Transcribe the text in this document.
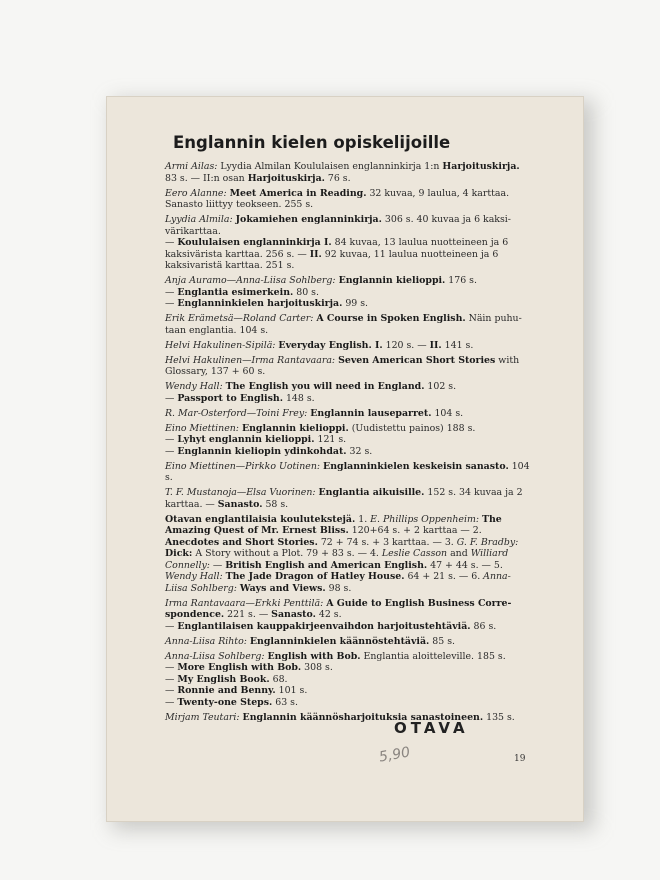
Englannin kielen opiskelijoille

Armi Ailas: Lyydia Almilan Koululaisen englanninkirja 1:n Harjoituskirja. 83 s. — II:n osan Harjoituskirja. 76 s.

Eero Alanne: Meet America in Reading. 32 kuvaa, 9 laulua, 4 karttaa. Sanasto liittyy teokseen. 255 s.

Lyydia Almila: Jokamiehen englanninkirja. 306 s. 40 kuvaa ja 6 kaksivärikarttaa.
— Koululaisen englanninkirja I. 84 kuvaa, 13 laulua nuotteineen ja 6 kaksivärista karttaa. 256 s. — II. 92 kuvaa, 11 laulua nuotteineen ja 6 kaksivaristä karttaa. 251 s.

Anja Auramo—Anna-Liisa Sohlberg: Englannin kielioppi. 176 s.
— Englantia esimerkein. 80 s.
— Englanninkielen harjoituskirja. 99 s.

Erik Erämetsä—Roland Carter: A Course in Spoken English. Näin puhutaan englantia. 104 s.

Helvi Hakulinen-Sipilä: Everyday English. I. 120 s. — II. 141 s.

Helvi Hakulinen—Irma Rantavaara: Seven American Short Stories with Glossary, 137 + 60 s.

Wendy Hall: The English you will need in England. 102 s.
— Passport to English. 148 s.

R. Mar-Osterford—Toini Frey: Englannin lauseparret. 104 s.

Eino Miettinen: Englannin kielioppi. (Uudistettu painos) 188 s.
— Lyhyt englannin kielioppi. 121 s.
— Englannin kieliopin ydinkohdat. 32 s.

Eino Miettinen—Pirkko Uotinen: Englanninkielen keskeisin sanasto. 104 s.

T. F. Mustanoja—Elsa Vuorinen: Englantia aikuisille. 152 s. 34 kuvaa ja 2 karttaa. — Sanasto. 58 s.

Otavan englantilaisia koulutekstejä. 1. E. Phillips Oppenheim: The Amazing Quest of Mr. Ernest Bliss. 120+64 s. + 2 karttaa — 2. Anecdotes and Short Stories. 72 + 74 s. + 3 karttaa. — 3. G. F. Bradby: Dick: A Story without a Plot. 79 + 83 s. — 4. Leslie Casson and Williard Connelly: — British English and American English. 47 + 44 s. — 5. Wendy Hall: The Jade Dragon of Hatley House. 64 + 21 s. — 6. Anna-Liisa Sohlberg: Ways and Views. 98 s.

Irma Rantavaara—Erkki Penttilä: A Guide to English Business Correspondence. 221 s. — Sanasto. 42 s.
— Englantilaisen kauppakirjeenvaihdon harjoitustehtäviä. 86 s.

Anna-Liisa Rihto: Englanninkielen käännöstehtäviä. 85 s.

Anna-Liisa Sohlberg: English with Bob. Englantia aloitteleville. 185 s.
— More English with Bob. 308 s.
— My English Book. 68.
— Ronnie and Benny. 101 s.
— Twenty-one Steps. 63 s.

Mirjam Teutari: Englannin käännösharjoituksia sanastoineen. 135 s.

5,90
OTAVA
19
